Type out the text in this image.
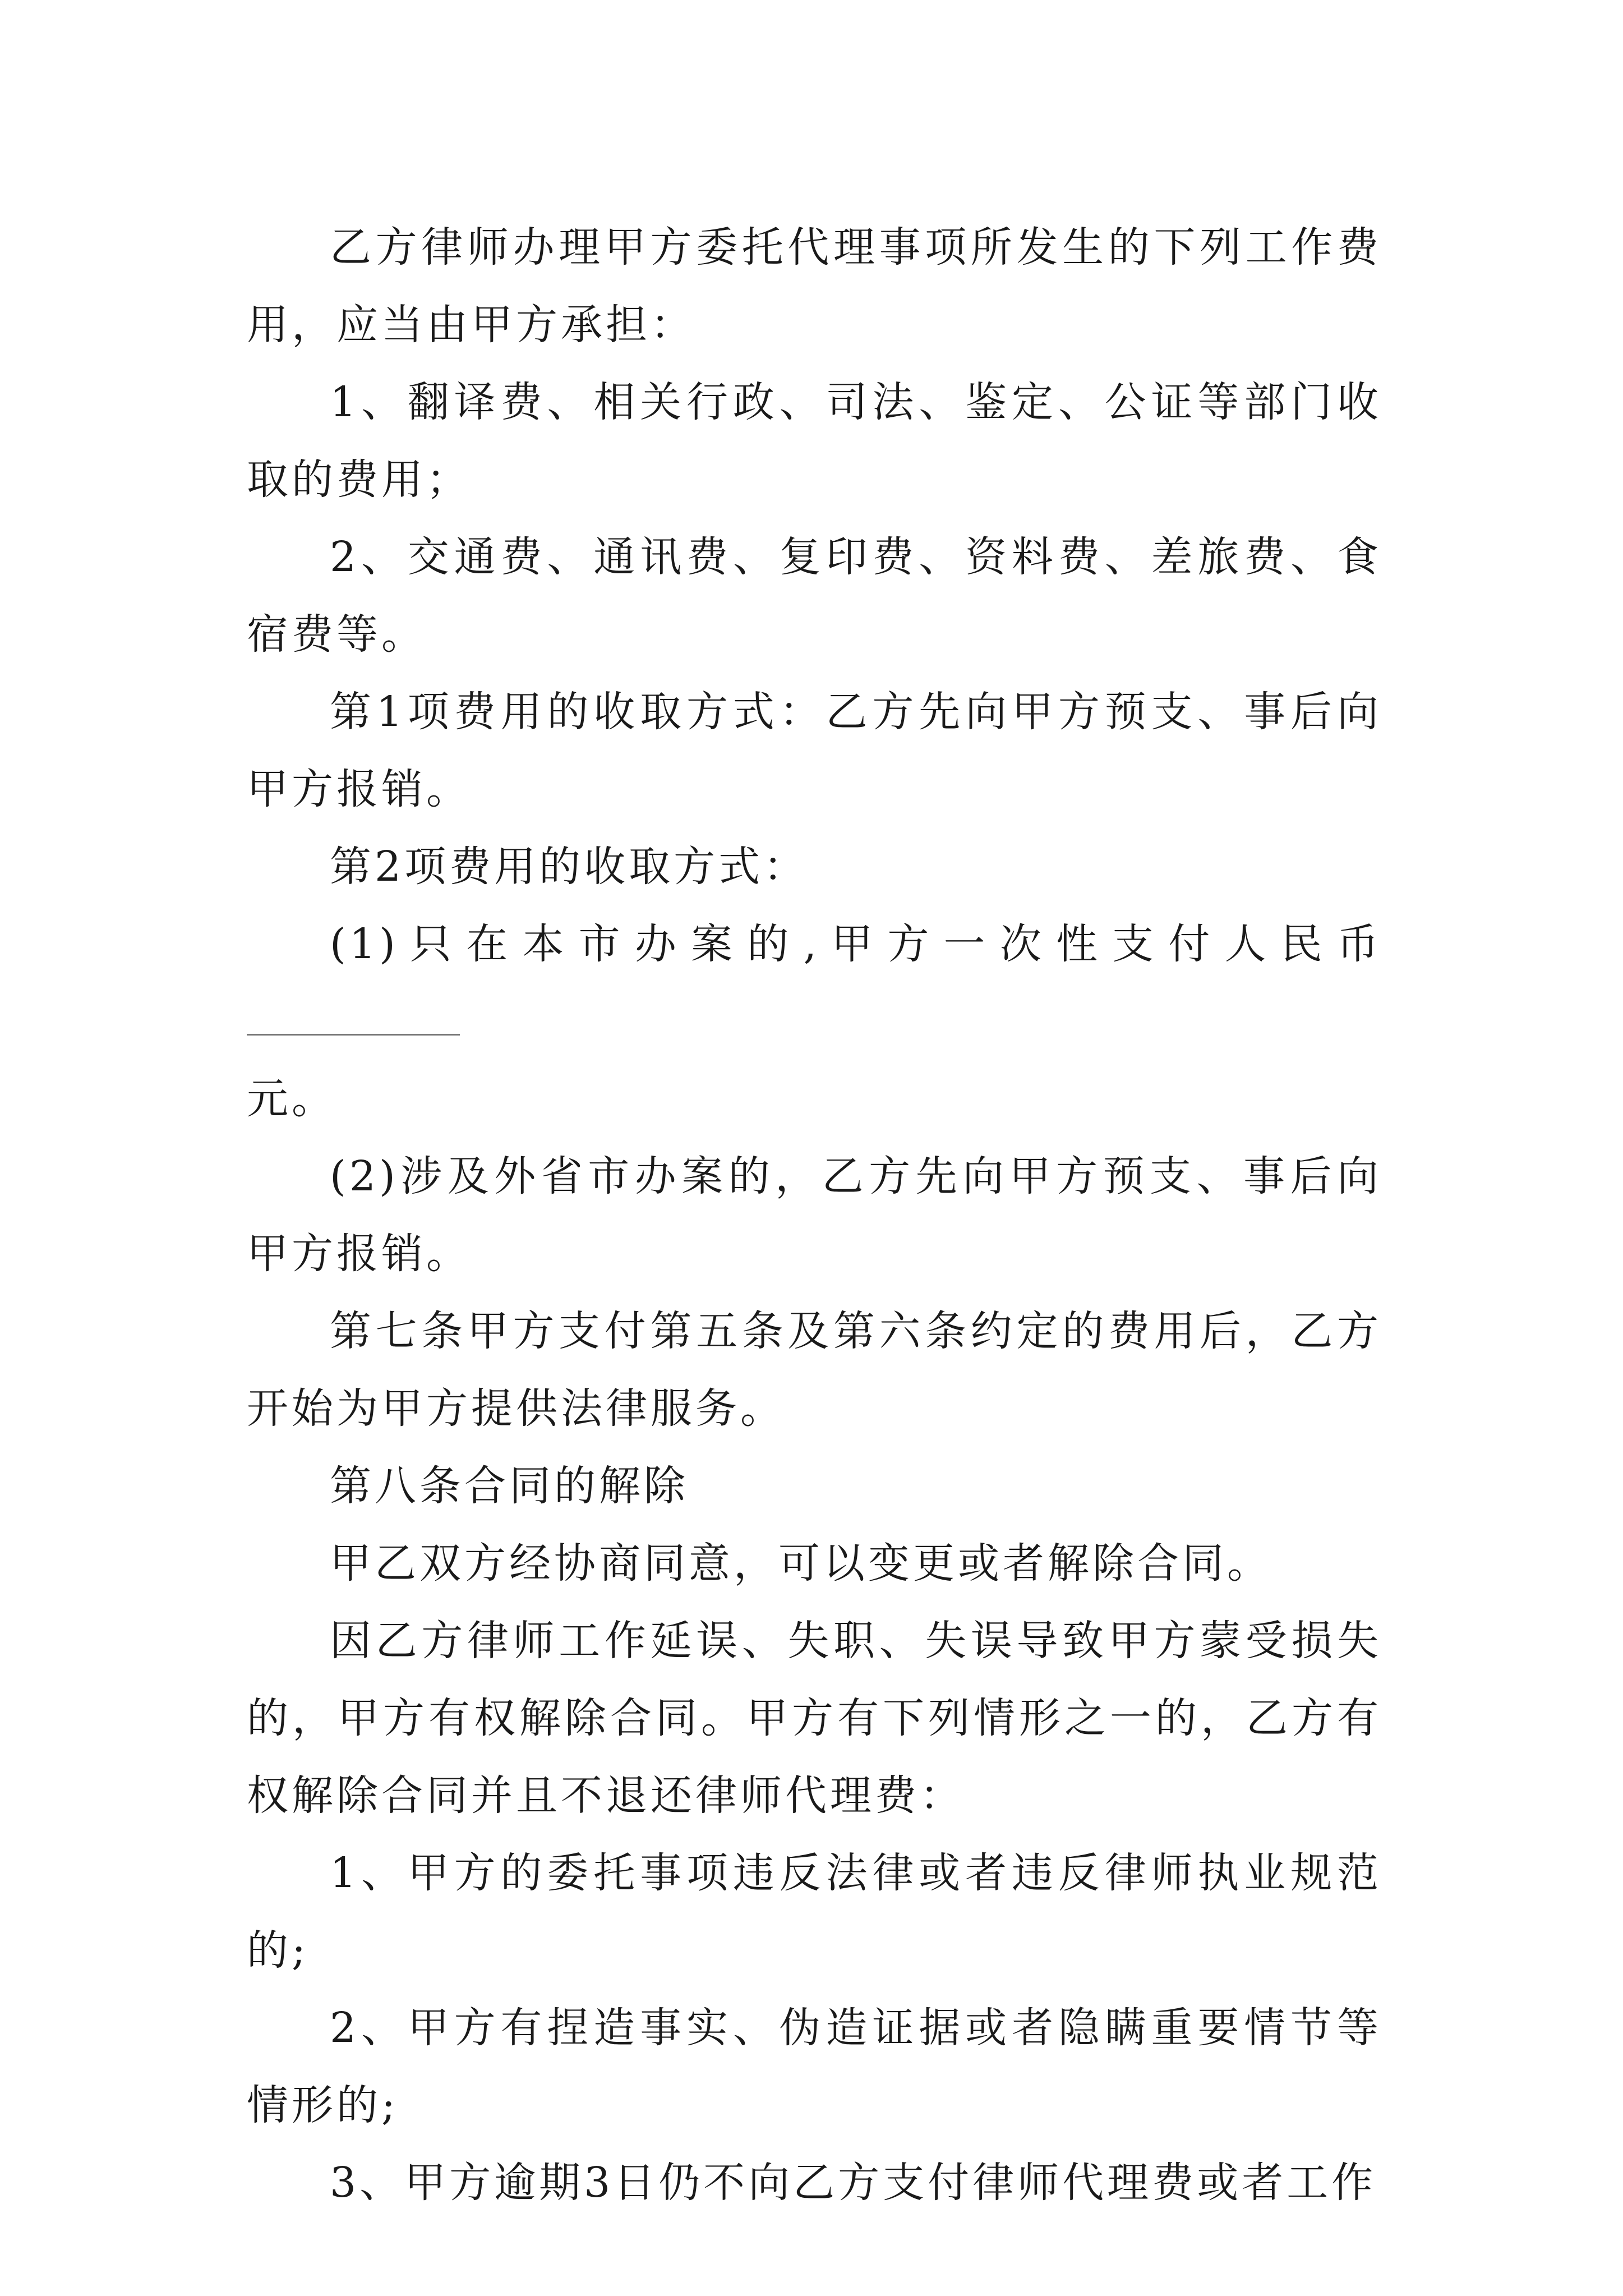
乙方律师办理甲方委托代理事项所发生的下列工作费用，应当由甲方承担：

1、翻译费、相关行政、司法、鉴定、公证等部门收取的费用；

2、交通费、通讯费、复印费、资料费、差旅费、食宿费等。

第1项费用的收取方式：乙方先向甲方预支、事后向甲方报销。

第2项费用的收取方式：

(1)只在本市办案的,甲方一次性支付人民币

元。

(2)涉及外省市办案的，乙方先向甲方预支、事后向甲方报销。

第七条甲方支付第五条及第六条约定的费用后，乙方开始为甲方提供法律服务。

第八条合同的解除

甲乙双方经协商同意，可以变更或者解除合同。

因乙方律师工作延误、失职、失误导致甲方蒙受损失的，甲方有权解除合同。甲方有下列情形之一的，乙方有权解除合同并且不退还律师代理费：

1、甲方的委托事项违反法律或者违反律师执业规范的;

2、甲方有捏造事实、伪造证据或者隐瞒重要情节等情形的;

3、甲方逾期3日仍不向乙方支付律师代理费或者工作
